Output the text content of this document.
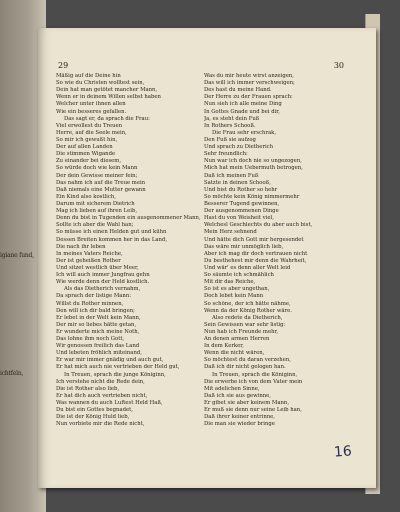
igiane fund,
ichtfeln,
29	30
Mäßig auf die Deine hin
So wie du Christen wolltest sein,
Dein hat man getötet mancher Mann,
Wenn er in deinem Willen selbst haben
Welcher unter ihnen allen
Wie ein besseres gefallen.
Das sagt er, da sprach die Frau:
Viel erwollest du Treuen
Herre, auf die Seele mein,
So mir ich gewußt hin,
Der auf allen Landen
Die stimmen Wigande
Zu einander bei diesem,
So würde doch wie kein Mann
Der dein Gewisse meiner fein;
Das nahm ich auf die Treue mein
Daß niemals eine Mutter gewann
Ein Kind also kostlich,
Darum mit sicherem Dietrich
Mag ich lieben auf ihren Leib,
Denn du bist in Tugenden ein ausgenommener Mann,
Sollte ich aber die Wahl han;
So müsse ich einen Helden gut und kühn
Dessen Breiten kommen her in das Land,
Die nach ihr leben
In meines Vaters Reiche,
Der ist geheißen Rother
Und sitzet westlich über Meer,
Ich will auch immer Jungfrau gehn
Wie werde denn der Held kostlich.
Als das Dietherich vernahm,
Da sprach der listige Mann:
Willst du Rother minnen,
Den will ich dir bald bringen;
Er lebet in der Welt kein Mann,
Der mir so liebes hätte getan,
Er wunderte mich meine Noth,
Das lohne ihm noch Gott,
Wir genossen freilich das Land
Und lebeten fröhlich miteinand,
Er war mir immer gnädig und auch gut,
Er hat mich auch nie vertrieben der Held gut,
In Treuen, sprach die junge Königinn,
Ich verstehe nicht die Rede dein,
Die ist Rother also lieb,
Er hat dich auch vertrieben nicht,
Was wannen du auch Luftest Held Haß,
Du bist ein Gottes begnadet,
Die ist der König Huld lieb,
Nun vorbiete mir die Rede nicht,
Was du mir heute wirst anzeigen,
Das will ich immer verschweigen;
Des hast du meine Hand.
Der Herre zu der Frauen sprach:
Nun sieh ich alle meine Ding
In Gottes Gnade und bei dir,
Ja, es steht dein Fuß
In Rothers Schooß.
Die Frau sehr erschrak,
Den Fuß sie aufzog
Und sprach zu Dietherich
Sehr freundlich:
Nun war ich doch nie so ungezogen,
Mich hat mein Uebermuth betrogen,
Daß ich meinen Fuß
Satzte in deinen Schooß,
Und bist du Rother so hehr
So möchte kein König nimmermehr
Besserer Tugend gewinnen,
Der ausgenommenen Dinge
Hast du von Weisheit viel,
Welchesl Geschlechts du aber auch bist,
Mein Herz sehnend
Und hätte dich Gott mir hergesendet
Das wäre mir unmöglich lieb,
Aber ich mag dir doch vertrauen nicht
Du besthehest mir denn die Wahrheit,
Und wär' es denn aller Welt leid
So säumte ich schmählich
Mit dir das Reiche,
So ist es aber ungethan,
Doch lebet kein Mann
So schöne, der ich hätte nähme,
Wenn da der König Rother wäre.
Also redete da Dietherich,
Sein Gewissen war sehr listig:
Nun hab ich Freunde mehr,
An denen armen Herren
In dem Kerker,
Wenn die nicht wären,
So möchtest du daran verzehen,
Daß ich dir nicht gelogen han.
In Treuen, sprach die Königinn,
Die erwerbe ich von dem Vater mein
Mit adelichen Sinne,
Daß ich sie aus gewinne,
Er gibet sie aber keinem Mann,
Er muß sie denn nur seine Leib han,
Daß ihrer keiner entrinne,
Die man sie wieder bringe
16
